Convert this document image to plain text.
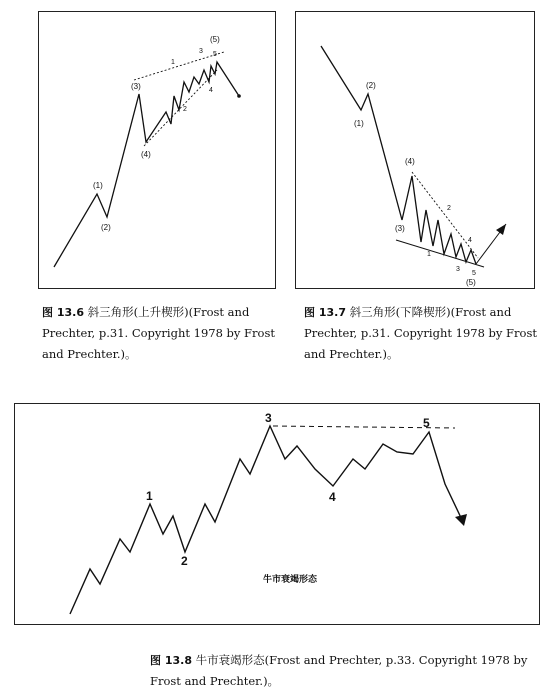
(1)
(2)
(3)
(4)
(5)
1
2
3
4
5
(1)
(2)
(3)
(4)
(5)
1
2
3
4
5
图 13.6 斜三角形(上升楔形)(Frost and Prechter, p.31. Copyright 1978 by Frost and Prechter.)。
图 13.7 斜三角形(下降楔形)(Frost and Prechter, p.31. Copyright 1978 by Frost and Prechter.)。
1
2
3
4
5
牛市衰竭形态
图 13.8 牛市衰竭形态(Frost and Prechter, p.33. Copyright 1978 by Frost and Prechter.)。
